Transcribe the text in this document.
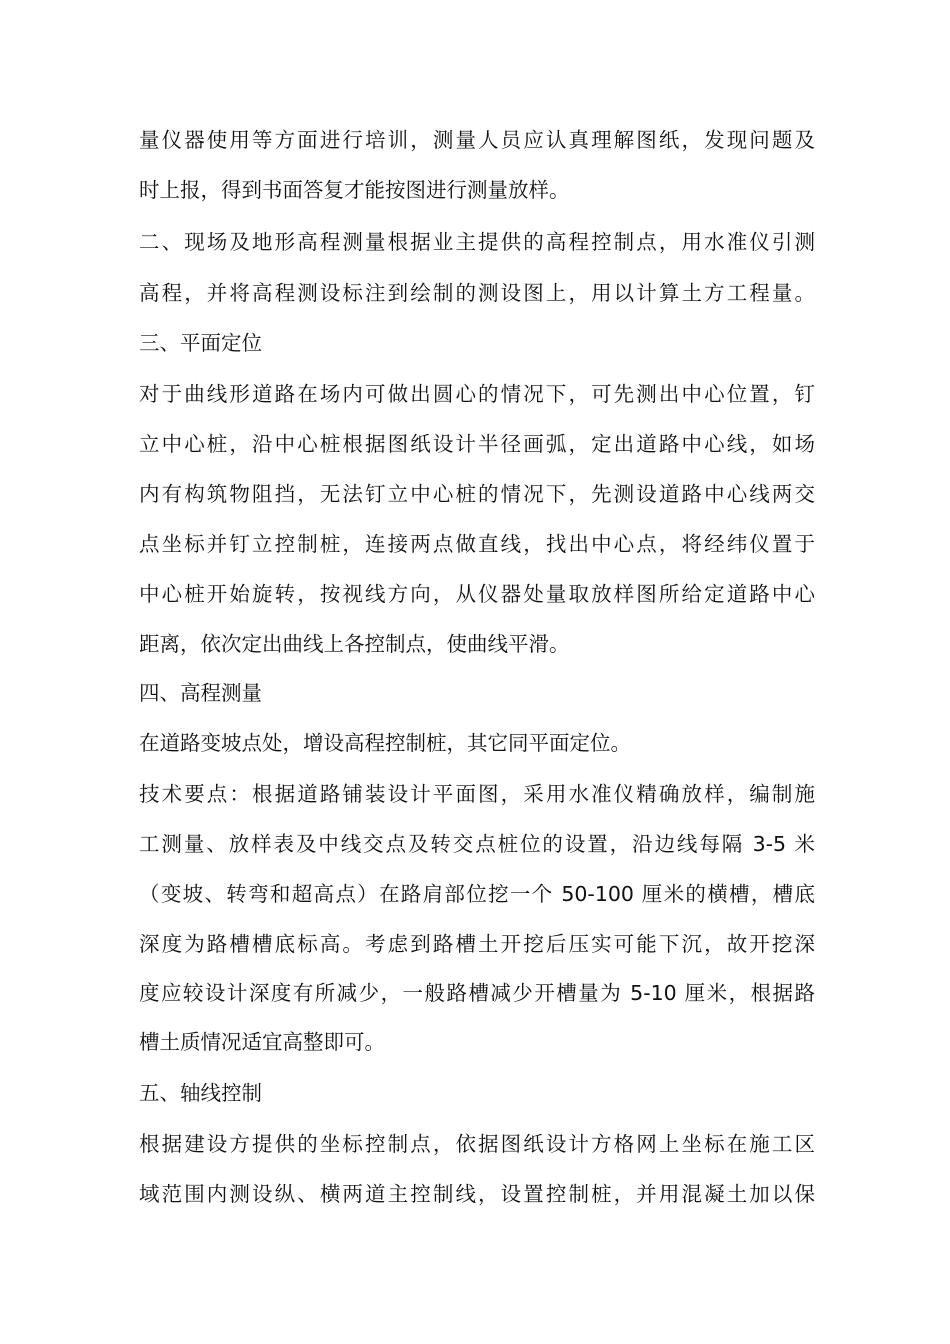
量仪器使用等方面进行培训，测量人员应认真理解图纸，发现问题及
时上报，得到书面答复才能按图进行测量放样。
二、现场及地形高程测量根据业主提供的高程控制点，用水准仪引测
高程，并将高程测设标注到绘制的测设图上，用以计算土方工程量。
三、平面定位
对于曲线形道路在场内可做出圆心的情况下，可先测出中心位置，钉
立中心桩，沿中心桩根据图纸设计半径画弧，定出道路中心线，如场
内有构筑物阻挡，无法钉立中心桩的情况下，先测设道路中心线两交
点坐标并钉立控制桩，连接两点做直线，找出中心点，将经纬仪置于
中心桩开始旋转，按视线方向，从仪器处量取放样图所给定道路中心
距离，依次定出曲线上各控制点，使曲线平滑。
四、高程测量
在道路变坡点处，增设高程控制桩，其它同平面定位。
技术要点：根据道路铺装设计平面图，采用水准仪精确放样，编制施
工测量、放样表及中线交点及转交点桩位的设置，沿边线每隔 3-5 米
（变坡、转弯和超高点）在路肩部位挖一个 50-100 厘米的横槽，槽底
深度为路槽槽底标高。考虑到路槽土开挖后压实可能下沉，故开挖深
度应较设计深度有所减少，一般路槽减少开槽量为 5-10 厘米，根据路
槽土质情况适宜高整即可。
五、轴线控制
根据建设方提供的坐标控制点，依据图纸设计方格网上坐标在施工区
域范围内测设纵、横两道主控制线，设置控制桩，并用混凝土加以保
